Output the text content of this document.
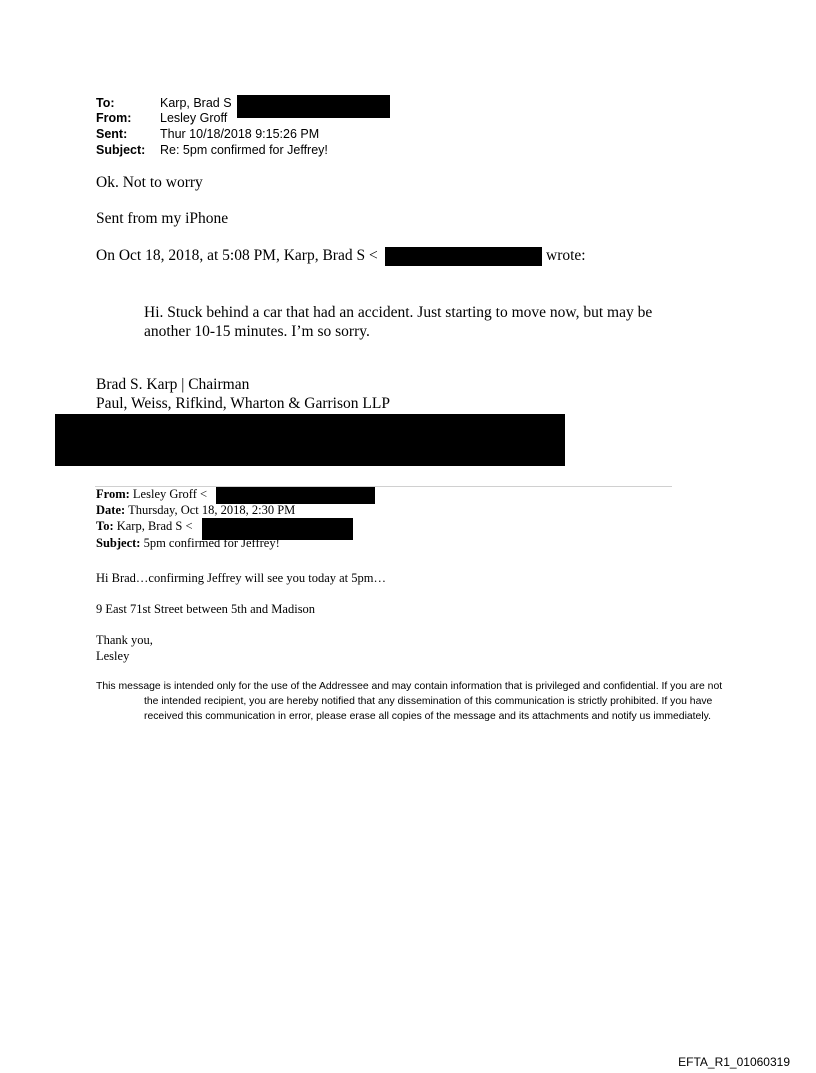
To:	Karp, Brad S
From: Lesley Groff
Sent:	Thur 10/18/2018 9:15:26 PM
Subject: Re: 5pm confirmed for Jeffrey!
Ok. Not to worry
Sent from my iPhone
On Oct 18, 2018, at 5:08 PM, Karp, Brad S <	wrote:
Hi. Stuck behind a car that had an accident. Just starting to move now, but may be another 10-15 minutes. I’m so sorry.
Brad S. Karp | Chairman
Paul, Weiss, Rifkind, Wharton & Garrison LLP
From: Lesley Groff <
Date: Thursday, Oct 18, 2018, 2:30 PM
To: Karp, Brad S <
Subject: 5pm confirmed for Jeffrey!
Hi Brad…confirming Jeffrey will see you today at 5pm…
9 East 71st Street between 5th and Madison
Thank you,
Lesley
This message is intended only for the use of the Addressee and may contain information that is privileged and confidential. If you are not the intended recipient, you are hereby notified that any dissemination of this communication is strictly prohibited. If you have received this communication in error, please erase all copies of the message and its attachments and notify us immediately.
EFTA_R1_01060319
